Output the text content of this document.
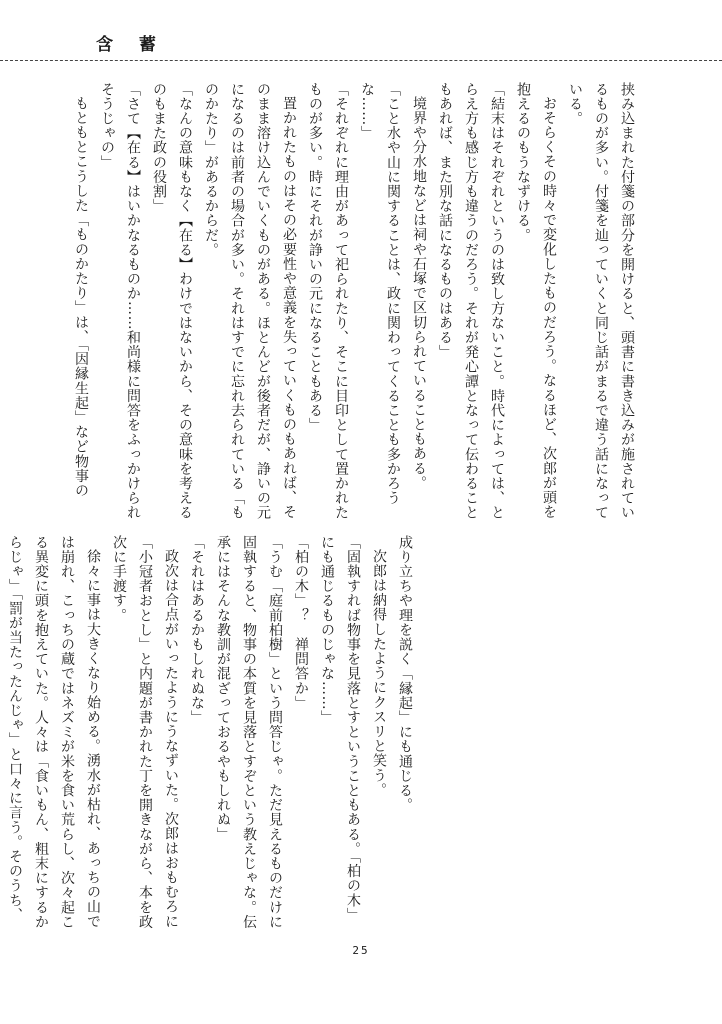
含 蓄

挟み込まれた付箋の部分を開けると、頭書に書き込みが施されているものが多い。付箋を辿っていくと同じ話がまるで違う話になっている。

おそらくその時々で変化したものだろう。なるほど、次郎が頭を抱えるのもうなずける。

「結末はそれぞれというのは致し方ないこと。時代によっては、とらえ方も感じ方も違うのだろう。それが発心譚となって伝わることもあれば、また別な話になるものはある」

境界や分水地などは祠や石塚で区切られていることもある。

「こと水や山に関することは、政に関わってくることも多かろうな……」

「それぞれに理由があって祀られたり、そこに目印として置かれたものが多い。時にそれが諍いの元になることもある」

置かれたものはその必要性や意義を失っていくものもあれば、そのまま溶け込んでいくものがある。ほとんどが後者だが、諍いの元になるのは前者の場合が多い。それはすでに忘れ去られている「ものかたり」があるからだ。

「なんの意味もなく【在る】わけではないから、その意味を考えるのもまた政の役割」

「さて【在る】はいかなるものか……和尚様に問答をふっかけられそうじゃの」

もともとこうした「ものかたり」は、「因縁生起」など物事の

成り立ちや理を説く「縁起」にも通じる。

次郎は納得したようにクスリと笑う。

「固執すれば物事を見落とすということもある。「柏の木」にも通じるものじゃな……」

「柏の木」？　禅問答か」

「うむ「庭前柏樹」という問答じゃ。ただ見えるものだけに固執すると、物事の本質を見落とすぞという教えじゃな。伝承にはそんな教訓が混ざっておるやもしれぬ」

「それはあるかもしれぬな」

政次は合点がいったようにうなずいた。次郎はおもむろに「小冠者おとし」と内題が書かれた丁を開きながら、本を政次に手渡す。

徐々に事は大きくなり始める。湧水が枯れ、あっちの山では崩れ、こっちの蔵ではネズミが米を食い荒らし、次々起こる異変に頭を抱えていた。人々は「食いもん、粗末にするからじゃ」「罰が当たったんじゃ」と口々に言う。そのうち、

25
